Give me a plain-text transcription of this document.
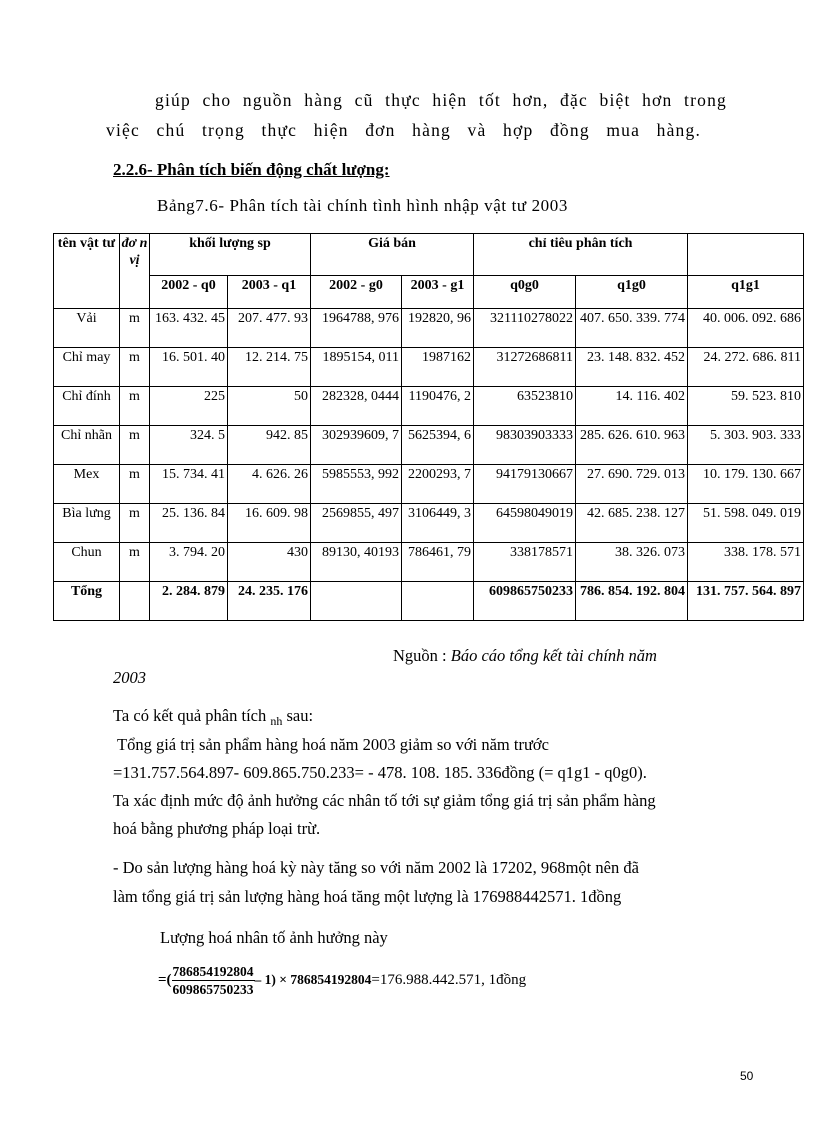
giúp cho nguồn hàng cũ thực hiện tốt hơn, đặc biệt hơn trong
việc chú trọng thực hiện đơn hàng và hợp đồng mua hàng.
2.2.6- Phân tích biến động chất lượng:
Bảng7.6- Phân tích tài chính tình hình nhập vật tư 2003
tên vật tư	đơ n vị	khối lượng sp		Giá bán		chỉ tiêu phân tích		
		2002 - q0	2003 - q1	2002 - g0	2003 - g1	q0g0	q1g0	q1g1
Vải	m	163. 432. 45	207. 477. 93	1964788, 976	192820, 96	321110278022	407. 650. 339. 774	40. 006. 092. 686
Chỉ may	m	16. 501. 40	12. 214. 75	1895154, 011	1987162	31272686811	23. 148. 832. 452	24. 272. 686. 811
Chỉ đính	m	225	50	282328, 0444	1190476, 2	63523810	14. 116. 402	59. 523. 810
Chỉ nhãn	m	324. 5	942. 85	302939609, 7	5625394, 6	98303903333	285. 626. 610. 963	5. 303. 903. 333
Mex	m	15. 734. 41	4. 626. 26	5985553, 992	2200293, 7	94179130667	27. 690. 729. 013	10. 179. 130. 667
Bìa lưng	m	25. 136. 84	16. 609. 98	2569855, 497	3106449, 3	64598049019	42. 685. 238. 127	51. 598. 049. 019
Chun	m	3. 794. 20	430	89130, 40193	786461, 79	338178571	38. 326. 073	338. 178. 571
Tổng		2. 284. 879	24. 235. 176			609865750233	786. 854. 192. 804	131. 757. 564. 897
Nguồn : Báo cáo tổng kết tài chính năm
2003
Ta có kết quả phân tích $_{nh}$ sau:
Tổng giá trị sản phẩm hàng hoá năm 2003 giảm so với năm trước
=131.757.564.897- 609.865.750.233= - 478. 108. 185. 336đồng (= q1g1 - q0g0).
Ta xác định mức độ ảnh hưởng các nhân tố tới sự giảm tổng giá trị sản phẩm hàng
hoá bằng phương pháp loại trừ.
- Do sản lượng hàng hoá kỳ này tăng so với năm 2002 là 17202, 968một nên đã
làm tổng giá trị sản lượng hàng hoá tăng một lượng là 176988442571. 1đồng
Lượng hoá nhân tố ảnh hưởng này
=( $\frac{786854192804}{609865750233} - 1) \times 786854192804=176.988.442.571$, 1đồng
50
